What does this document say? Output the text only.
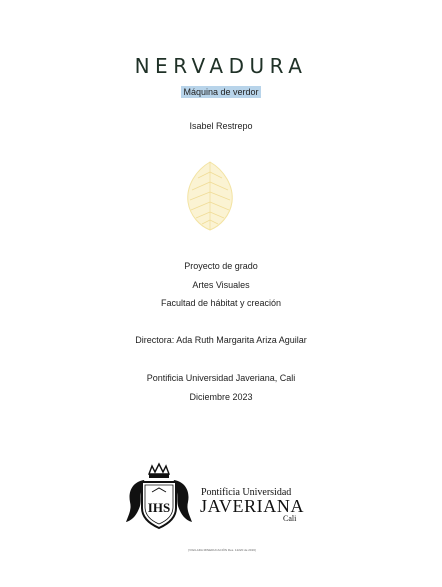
NERVADURA
Máquina de verdor
Isabel Restrepo
Proyecto de grado
Artes Visuales
Facultad de hábitat y creación
Directora: Ada Ruth Margarita Ariza Aguilar
Pontificia Universidad Javeriana, Cali
Diciembre 2023
IHS
Pontificia Universidad
JAVERIANA
Cali
[VIGILADA MINEDUCACIÓN Res. 12220 de 2016]
